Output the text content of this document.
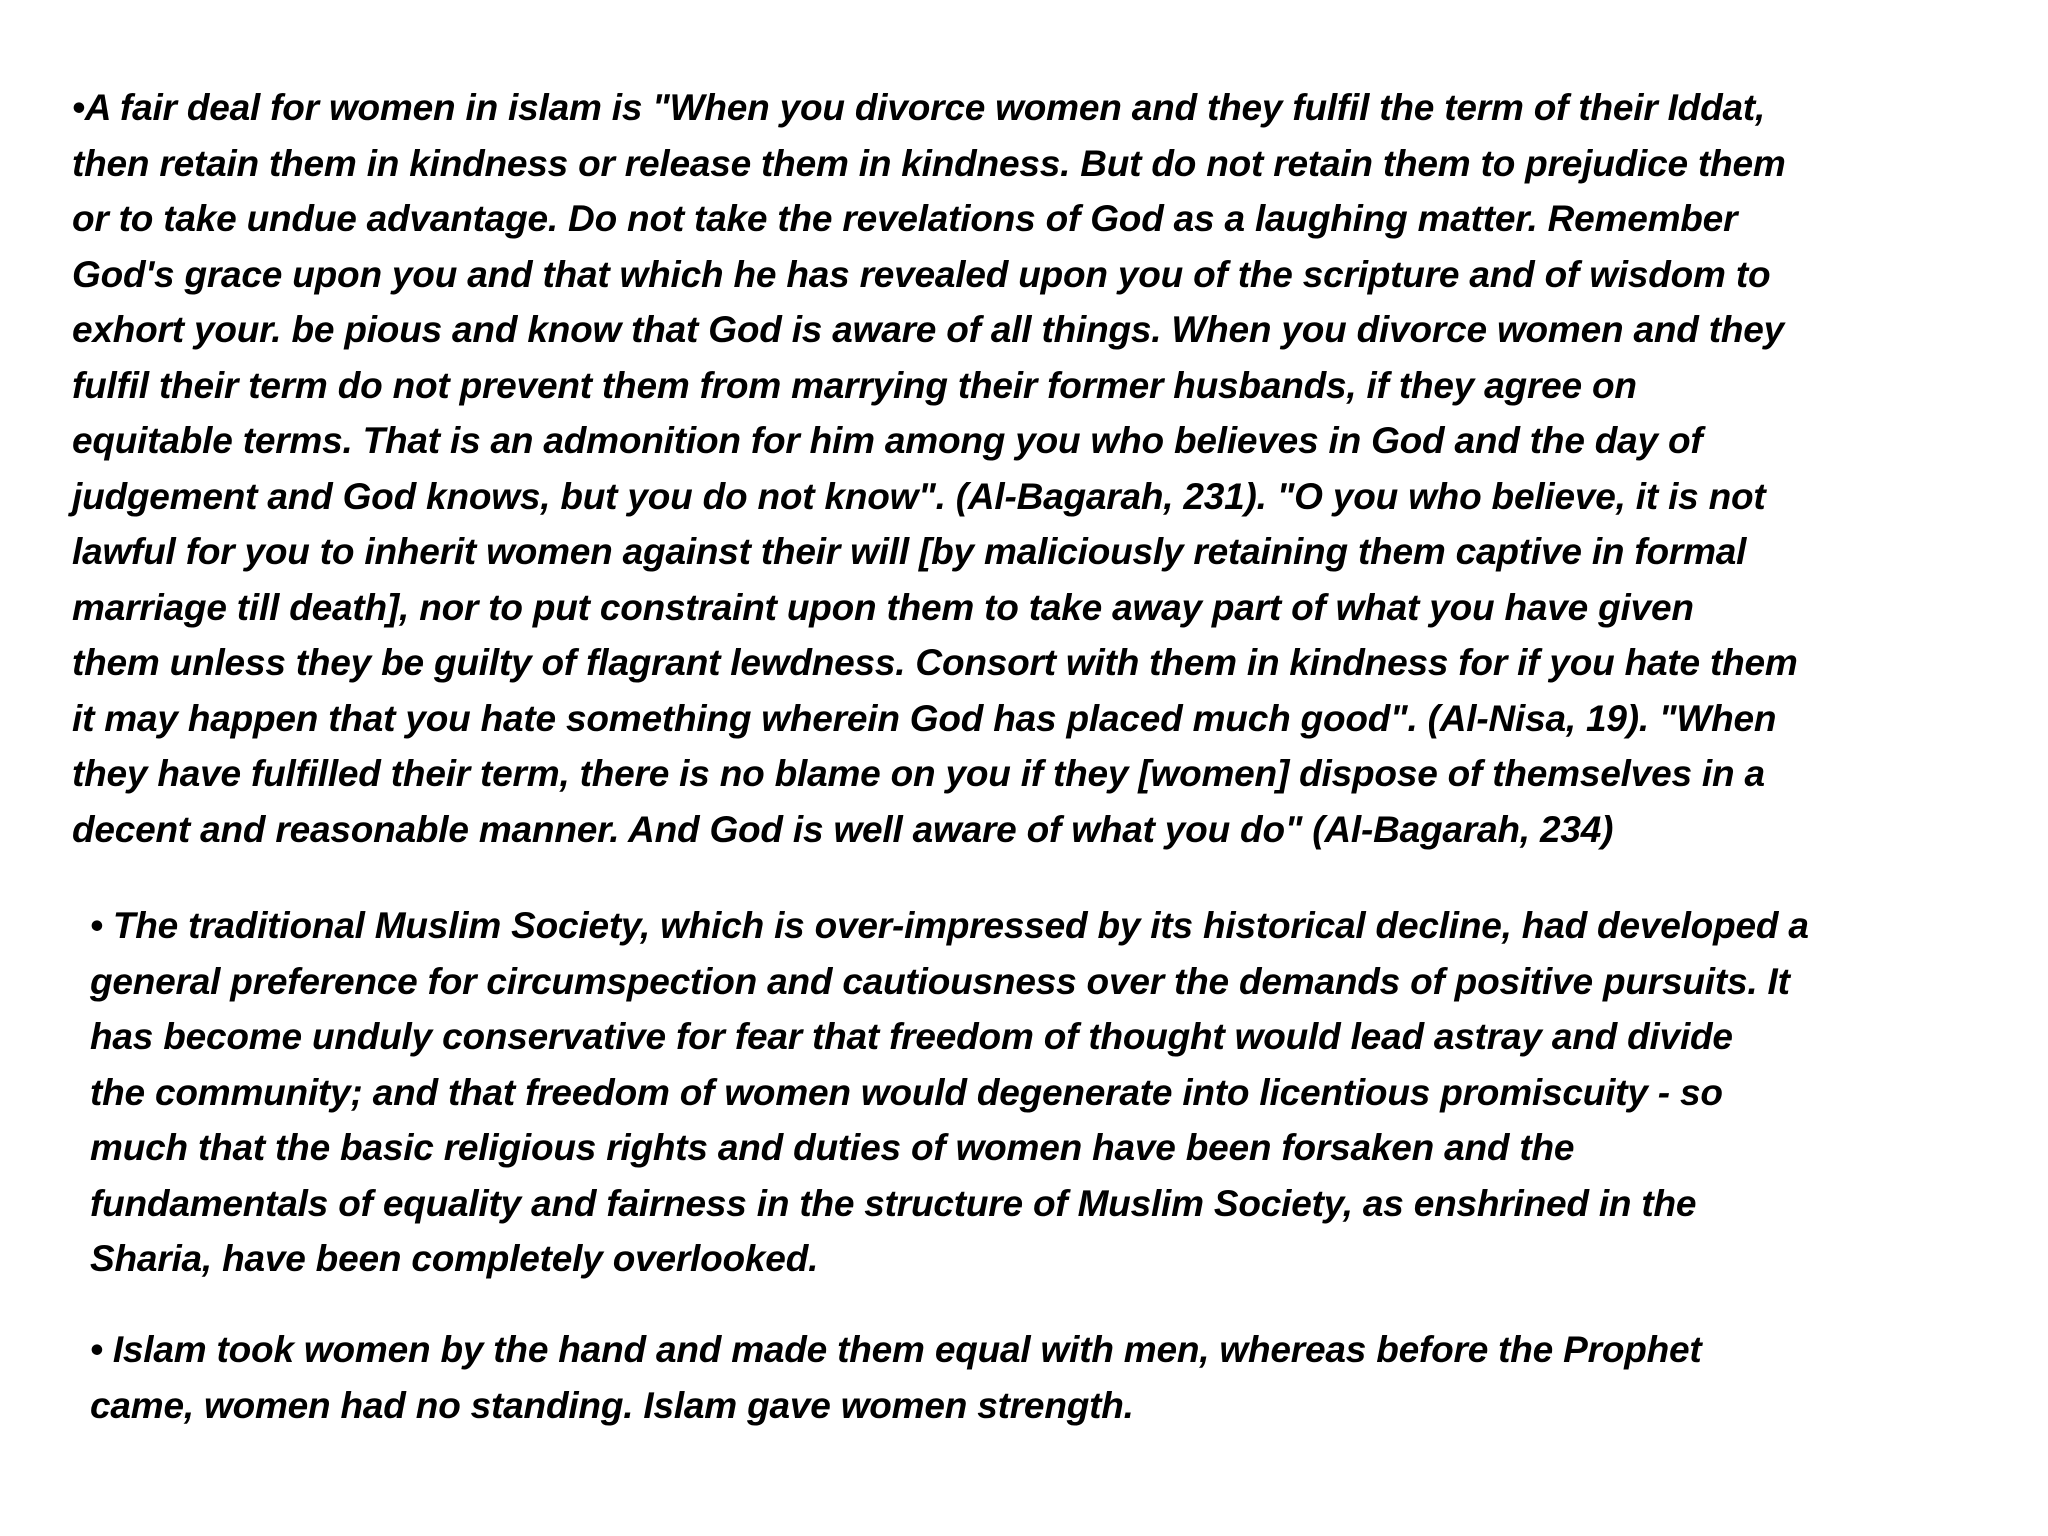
•A fair deal for women in islam is "When you divorce women and they fulfil the term of their Iddat,
then retain them in kindness or release them in kindness. But do not retain them to prejudice them
or to take undue advantage. Do not take the revelations of God as a laughing matter. Remember
God's grace upon you and that which he has revealed upon you of the scripture and of wisdom to
exhort your. be pious and know that God is aware of all things. When you divorce women and they
fulfil their term do not prevent them from marrying their former husbands, if they agree on
equitable terms. That is an admonition for him among you who believes in God and the day of
judgement and God knows, but you do not know". (Al-Bagarah, 231). "O you who believe, it is not
lawful for you to inherit women against their will [by maliciously retaining them captive in formal
marriage till death], nor to put constraint upon them to take away part of what you have given
them unless they be guilty of flagrant lewdness. Consort with them in kindness for if you hate them
it may happen that you hate something wherein God has placed much good". (Al-Nisa, 19). "When
they have fulfilled their term, there is no blame on you if they [women] dispose of themselves in a
decent and reasonable manner. And God is well aware of what you do" (Al-Bagarah, 234)

• The traditional Muslim Society, which is over-impressed by its historical decline, had developed a
general preference for circumspection and cautiousness over the demands of positive pursuits. It
has become unduly conservative for fear that freedom of thought would lead astray and divide
the community; and that freedom of women would degenerate into licentious promiscuity - so
much that the basic religious rights and duties of women have been forsaken and the
fundamentals of equality and fairness in the structure of Muslim Society, as enshrined in the
Sharia, have been completely overlooked.

• Islam took women by the hand and made them equal with men, whereas before the Prophet
came, women had no standing. Islam gave women strength.
